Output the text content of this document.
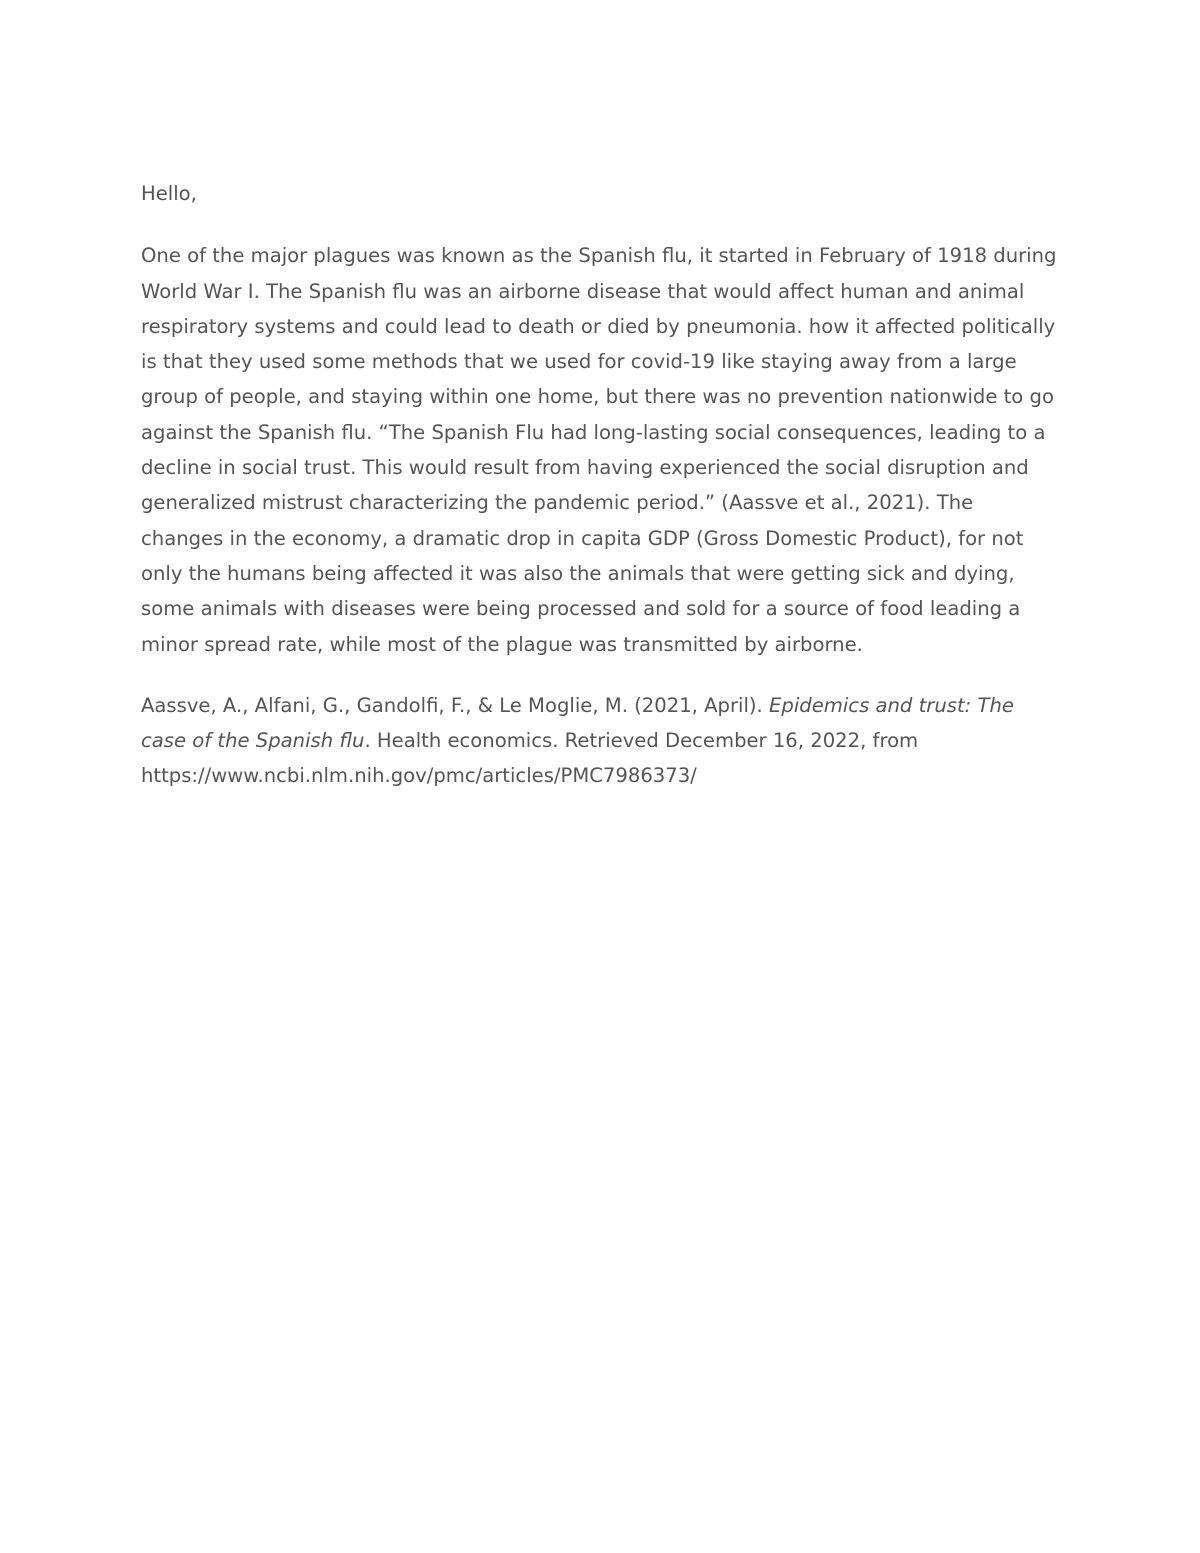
Hello,

One of the major plagues was known as the Spanish flu, it started in February of 1918 during World War I. The Spanish flu was an airborne disease that would affect human and animal respiratory systems and could lead to death or died by pneumonia. how it affected politically is that they used some methods that we used for covid-19 like staying away from a large group of people, and staying within one home, but there was no prevention nationwide to go against the Spanish flu. “The Spanish Flu had long-lasting social consequences, leading to a decline in social trust. This would result from having experienced the social disruption and generalized mistrust characterizing the pandemic period.” (Aassve et al., 2021). The changes in the economy, a dramatic drop in capita GDP (Gross Domestic Product), for not only the humans being affected it was also the animals that were getting sick and dying, some animals with diseases were being processed and sold for a source of food leading a minor spread rate, while most of the plague was transmitted by airborne.

Aassve, A., Alfani, G., Gandolfi, F., & Le Moglie, M. (2021, April). Epidemics and trust: The case of the Spanish flu. Health economics. Retrieved December 16, 2022, from https://www.ncbi.nlm.nih.gov/pmc/articles/PMC7986373/
